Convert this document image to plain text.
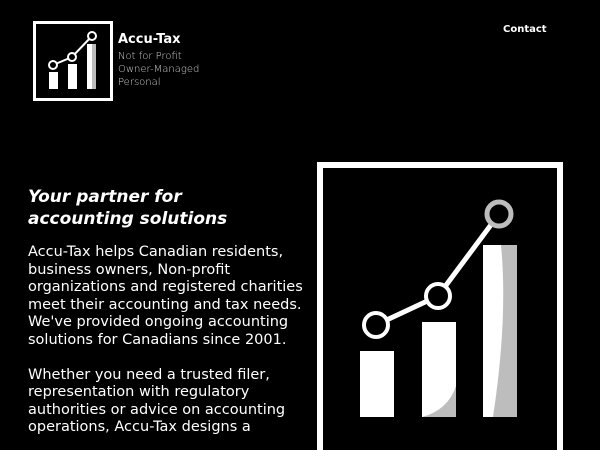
Accu-Tax
Not for Profit
Owner-Managed
Personal
Contact
Your partner for accounting solutions

Accu-Tax helps Canadian residents, business owners, Non-profit organizations and registered charities meet their accounting and tax needs. We've provided ongoing accounting solutions for Canadians since 2001.

Whether you need a trusted filer, representation with regulatory authorities or advice on accounting operations, Accu-Tax designs a
